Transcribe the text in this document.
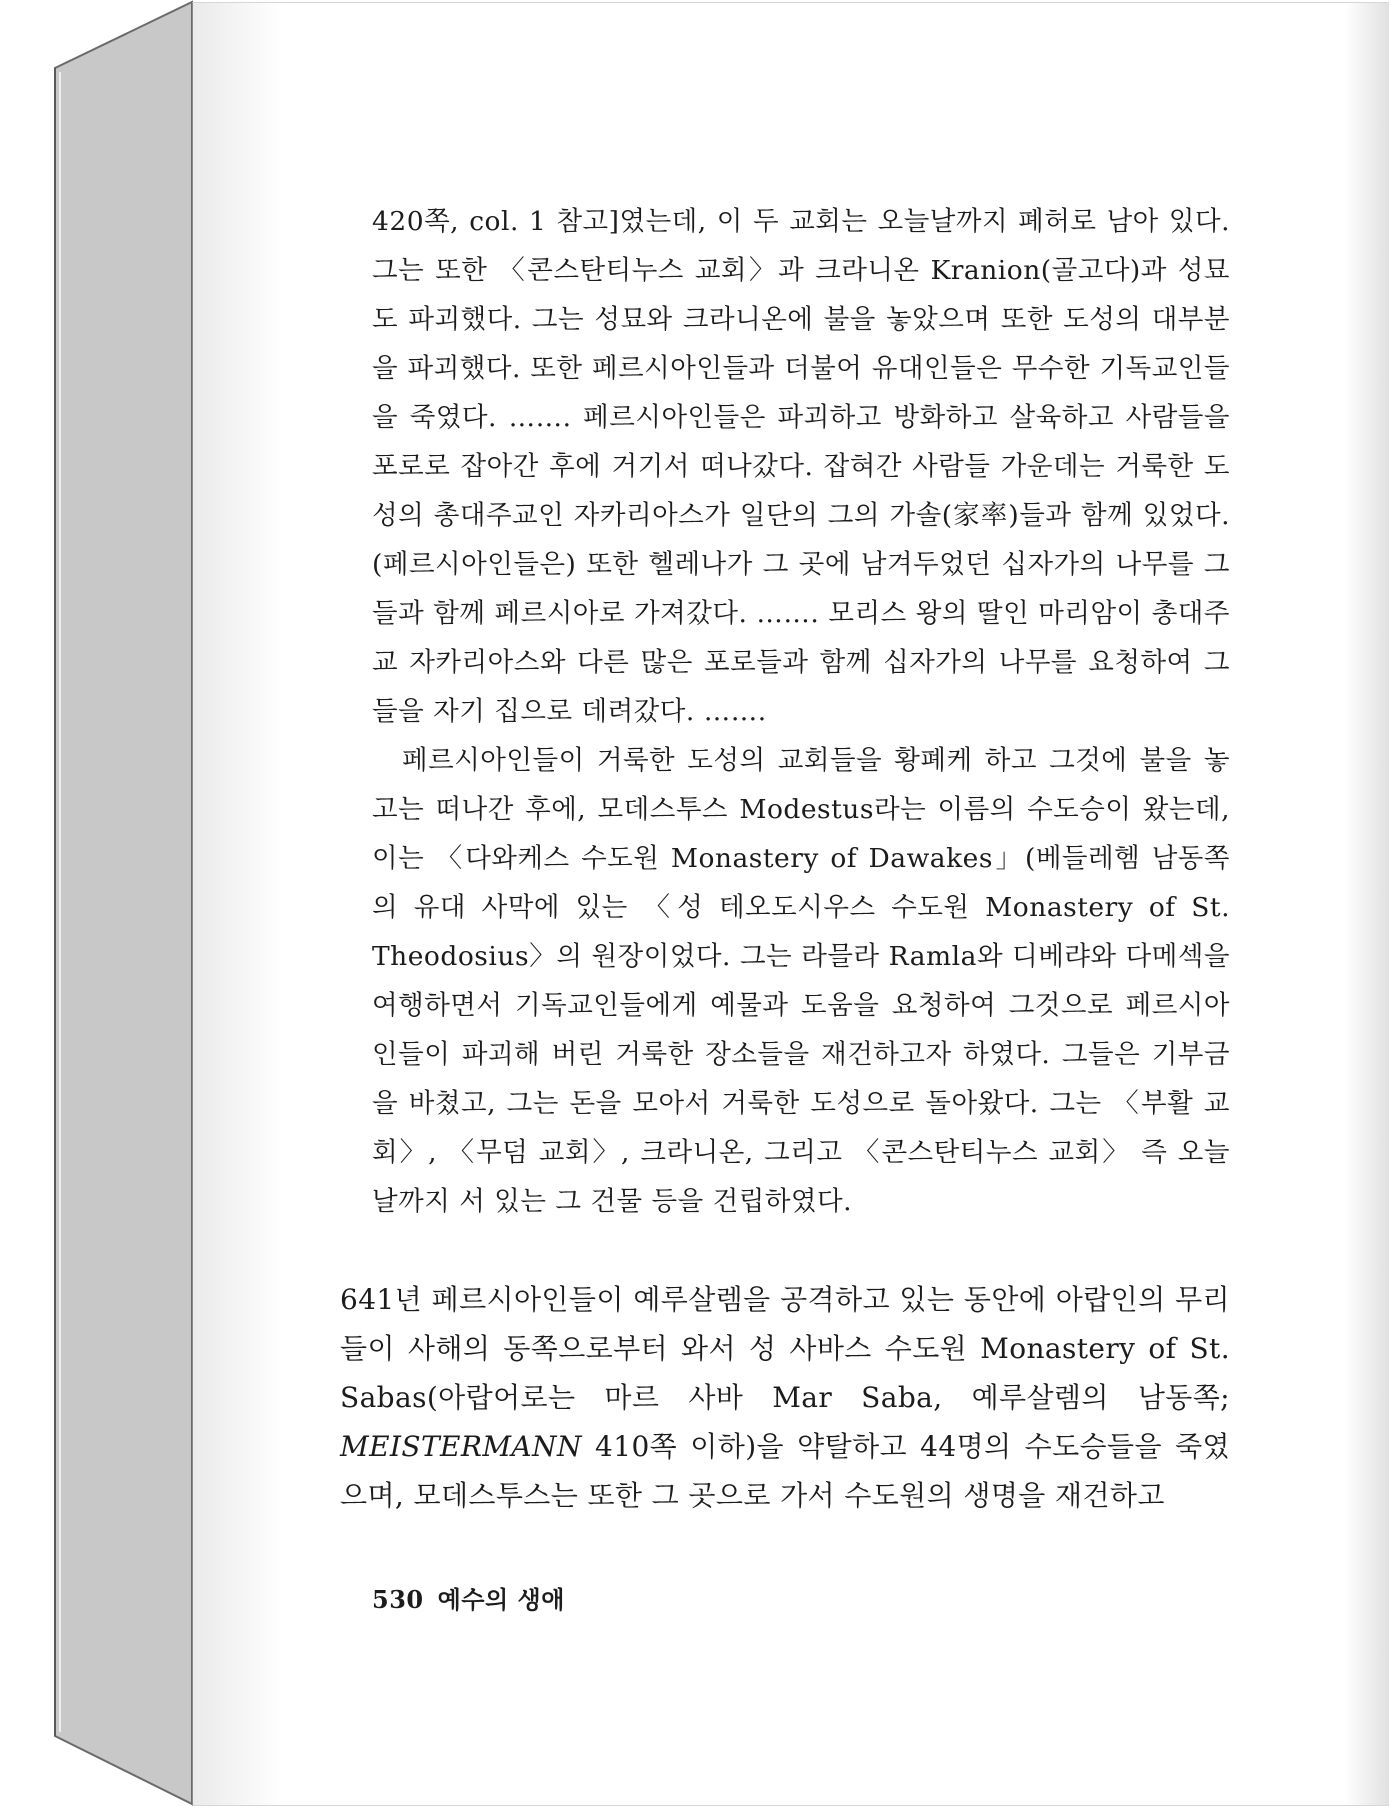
420쪽, col. 1 참고]였는데, 이 두 교회는 오늘날까지 폐허로 남아 있다. 그는 또한 〈콘스탄티누스 교회〉과 크라니온 Kranion(골고다)과 성묘도 파괴했다. 그는 성묘와 크라니온에 불을 놓았으며 또한 도성의 대부분을 파괴했다. 또한 페르시아인들과 더불어 유대인들은 무수한 기독교인들을 죽였다. ……. 페르시아인들은 파괴하고 방화하고 살육하고 사람들을 포로로 잡아간 후에 거기서 떠나갔다. 잡혀간 사람들 가운데는 거룩한 도성의 총대주교인 자카리아스가 일단의 그의 가솔(家率)들과 함께 있었다. (페르시아인들은) 또한 헬레나가 그 곳에 남겨두었던 십자가의 나무를 그들과 함께 페르시아로 가져갔다. ……. 모리스 왕의 딸인 마리암이 총대주교 자카리아스와 다른 많은 포로들과 함께 십자가의 나무를 요청하여 그들을 자기 집으로 데려갔다. …….

페르시아인들이 거룩한 도성의 교회들을 황폐케 하고 그것에 불을 놓고는 떠나간 후에, 모데스투스 Modestus라는 이름의 수도승이 왔는데, 이는 〈다와케스 수도원 Monastery of Dawakes」(베들레헴 남동쪽의 유대 사막에 있는 〈성 테오도시우스 수도원 Monastery of St. Theodosius〉의 원장이었다. 그는 라믈라 Ramla와 디베랴와 다메섹을 여행하면서 기독교인들에게 예물과 도움을 요청하여 그것으로 페르시아인들이 파괴해 버린 거룩한 장소들을 재건하고자 하였다. 그들은 기부금을 바쳤고, 그는 돈을 모아서 거룩한 도성으로 돌아왔다. 그는 〈부활 교회〉, 〈무덤 교회〉, 크라니온, 그리고 〈콘스탄티누스 교회〉 즉 오늘날까지 서 있는 그 건물 등을 건립하였다.

641년 페르시아인들이 예루살렘을 공격하고 있는 동안에 아랍인의 무리들이 사해의 동쪽으로부터 와서 성 사바스 수도원 Monastery of St. Sabas(아랍어로는 마르 사바 Mar Saba, 예루살렘의 남동쪽; MEISTERMANN 410쪽 이하)을 약탈하고 44명의 수도승들을 죽였으며, 모데스투스는 또한 그 곳으로 가서 수도원의 생명을 재건하고

530 예수의 생애
